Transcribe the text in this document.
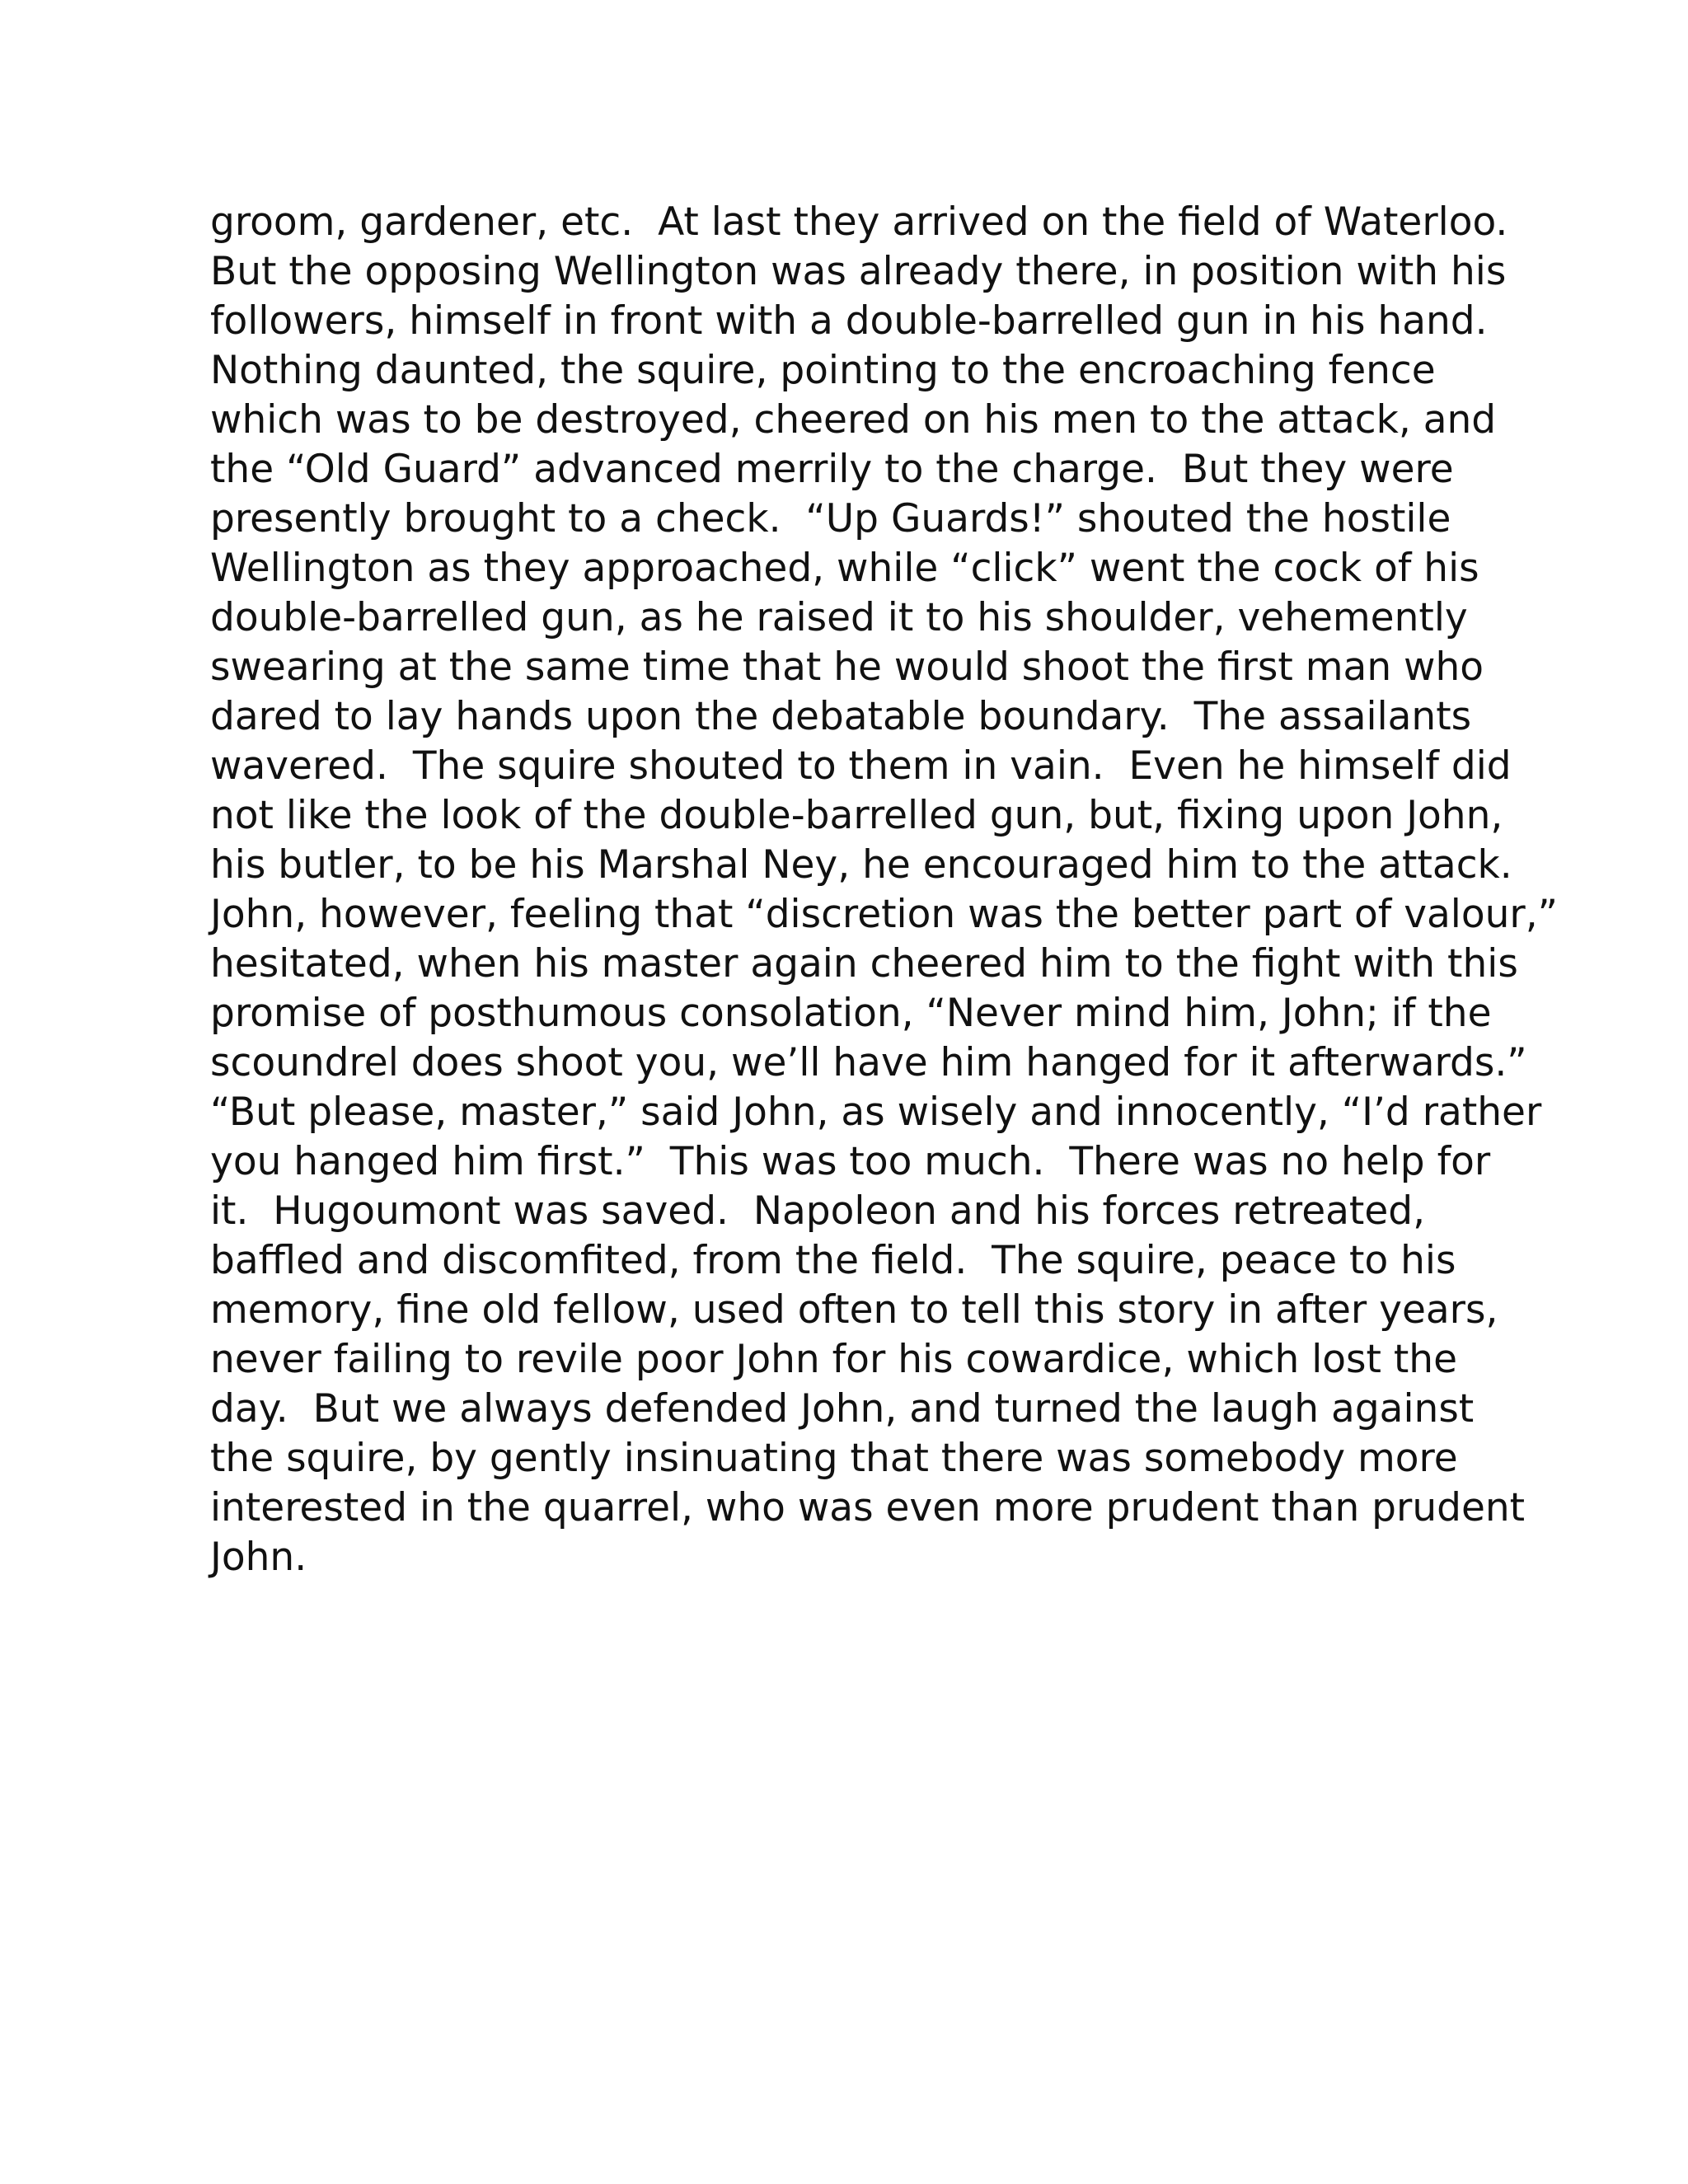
groom, gardener, etc.  At last they arrived on the field of Waterloo.
But the opposing Wellington was already there, in position with his
followers, himself in front with a double-barrelled gun in his hand.
Nothing daunted, the squire, pointing to the encroaching fence
which was to be destroyed, cheered on his men to the attack, and
the “Old Guard” advanced merrily to the charge.  But they were
presently brought to a check.  “Up Guards!” shouted the hostile
Wellington as they approached, while “click” went the cock of his
double-barrelled gun, as he raised it to his shoulder, vehemently
swearing at the same time that he would shoot the first man who
dared to lay hands upon the debatable boundary.  The assailants
wavered.  The squire shouted to them in vain.  Even he himself did
not like the look of the double-barrelled gun, but, fixing upon John,
his butler, to be his Marshal Ney, he encouraged him to the attack.
John, however, feeling that “discretion was the better part of valour,”
hesitated, when his master again cheered him to the fight with this
promise of posthumous consolation, “Never mind him, John; if the
scoundrel does shoot you, we’ll have him hanged for it afterwards.”
“But please, master,” said John, as wisely and innocently, “I’d rather
you hanged him first.”  This was too much.  There was no help for
it.  Hugoumont was saved.  Napoleon and his forces retreated,
baffled and discomfited, from the field.  The squire, peace to his
memory, fine old fellow, used often to tell this story in after years,
never failing to revile poor John for his cowardice, which lost the
day.  But we always defended John, and turned the laugh against
the squire, by gently insinuating that there was somebody more
interested in the quarrel, who was even more prudent than prudent
John.
